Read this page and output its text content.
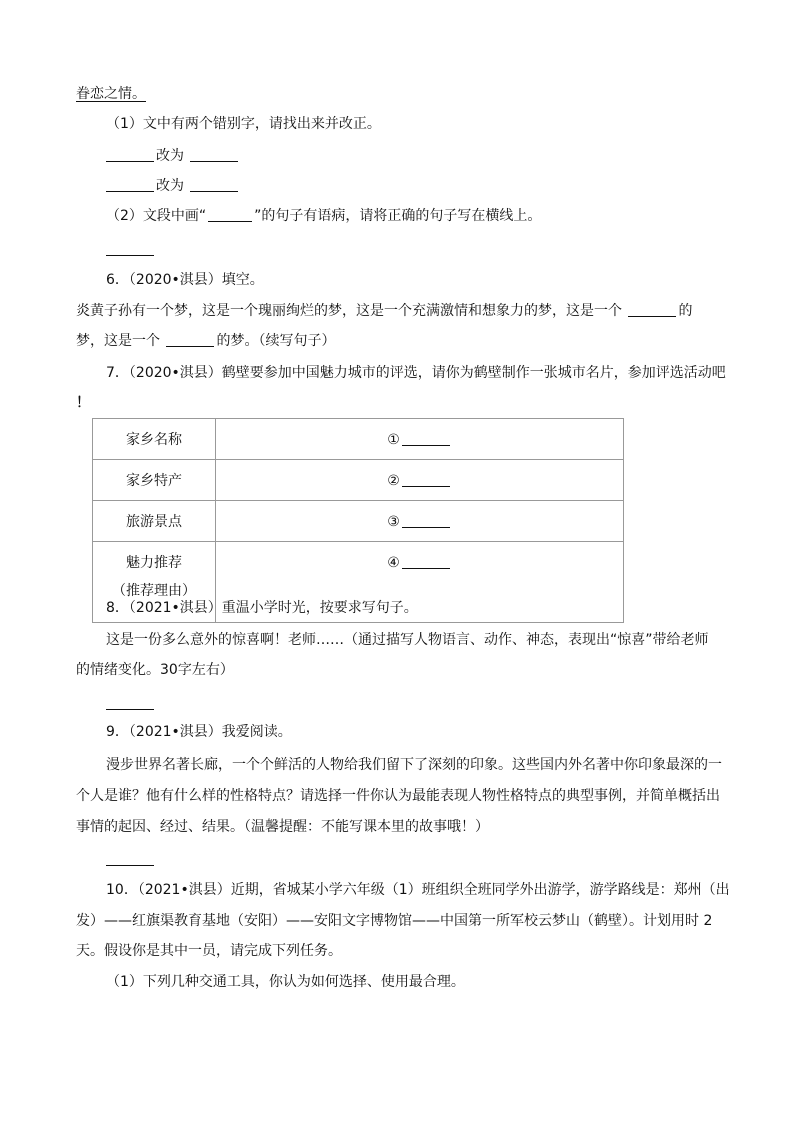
眷恋之情。
（1）文中有两个错别字，请找出来并改正。
改为
改为
（2）文段中画“	”的句子有语病，请将正确的句子写在横线上。
6．（2020•淇县）填空。
炎黄子孙有一个梦，这是一个瑰丽绚烂的梦，这是一个充满激情和想象力的梦，这是一个	的
梦，这是一个	的梦。（续写句子）
7．（2020•淇县）鹤壁要参加中国魅力城市的评选，请你为鹤壁制作一张城市名片，参加评选活动吧
！
家乡名称	①

家乡特产	②

旅游景点	③

魅力推荐
（推荐理由）	④
8．（2021•淇县）重温小学时光，按要求写句子。
这是一份多么意外的惊喜啊！老师……（通过描写人物语言、动作、神态，表现出“惊喜”带给老师
的情绪变化。30字左右）
9．（2021•淇县）我爱阅读。
漫步世界名著长廊，一个个鲜活的人物给我们留下了深刻的印象。这些国内外名著中你印象最深的一
个人是谁？他有什么样的性格特点？请选择一件你认为最能表现人物性格特点的典型事例，并简单概括出
事情的起因、经过、结果。（温馨提醒：不能写课本里的故事哦！）
10．（2021•淇县）近期，省城某小学六年级（1）班组织全班同学外出游学，游学路线是：郑州（出
发）——红旗渠教育基地（安阳）——安阳文字博物馆——中国第一所军校云梦山（鹤壁）。计划用时 2
天。假设你是其中一员，请完成下列任务。
（1）下列几种交通工具，你认为如何选择、使用最合理。
